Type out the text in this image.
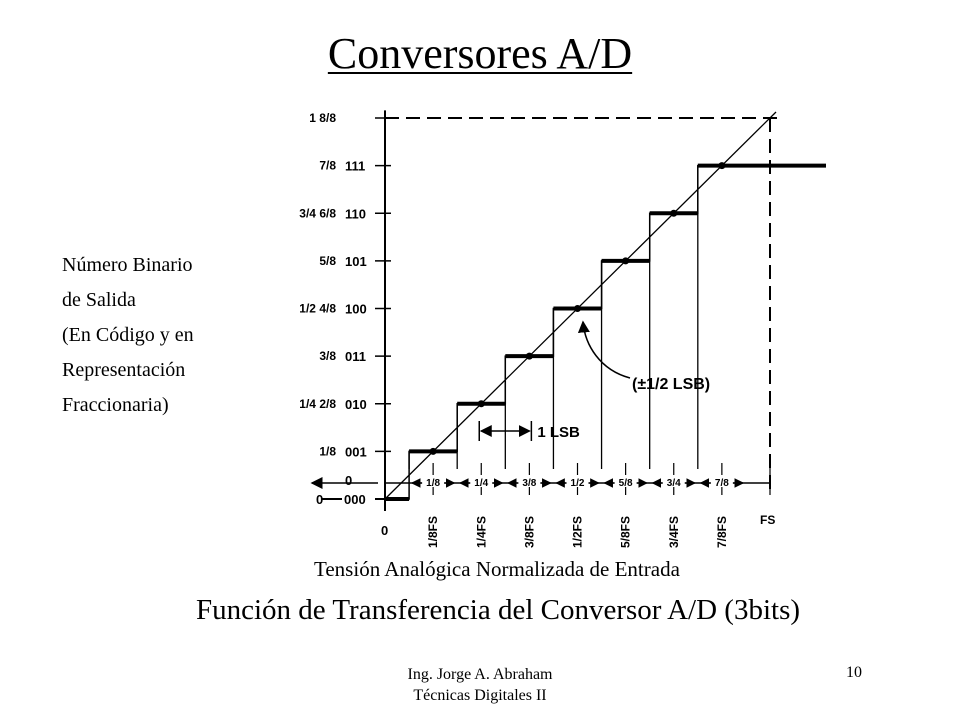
Conversores A/D
Número Binario
de Salida
(En Código y en
Representación
Fraccionaria)
001
1/8
010
1/4 2/8
011
3/8
100
1/2 4/8
101
5/8
110
3/4 6/8
111
7/8
1 8/8
0 000
0
0	1/8FS	1/4FS	3/8FS	1/2FS	5/8FS	3/4FS	7/8FS	FS
1/8	1/4	3/8	1/2	5/8	3/4	7/8
1 LSB
(±1/2 LSB)
Tensión Analógica Normalizada de Entrada
Función de Transferencia del Conversor A/D (3bits)
Ing. Jorge A. Abraham
Técnicas Digitales II
10
